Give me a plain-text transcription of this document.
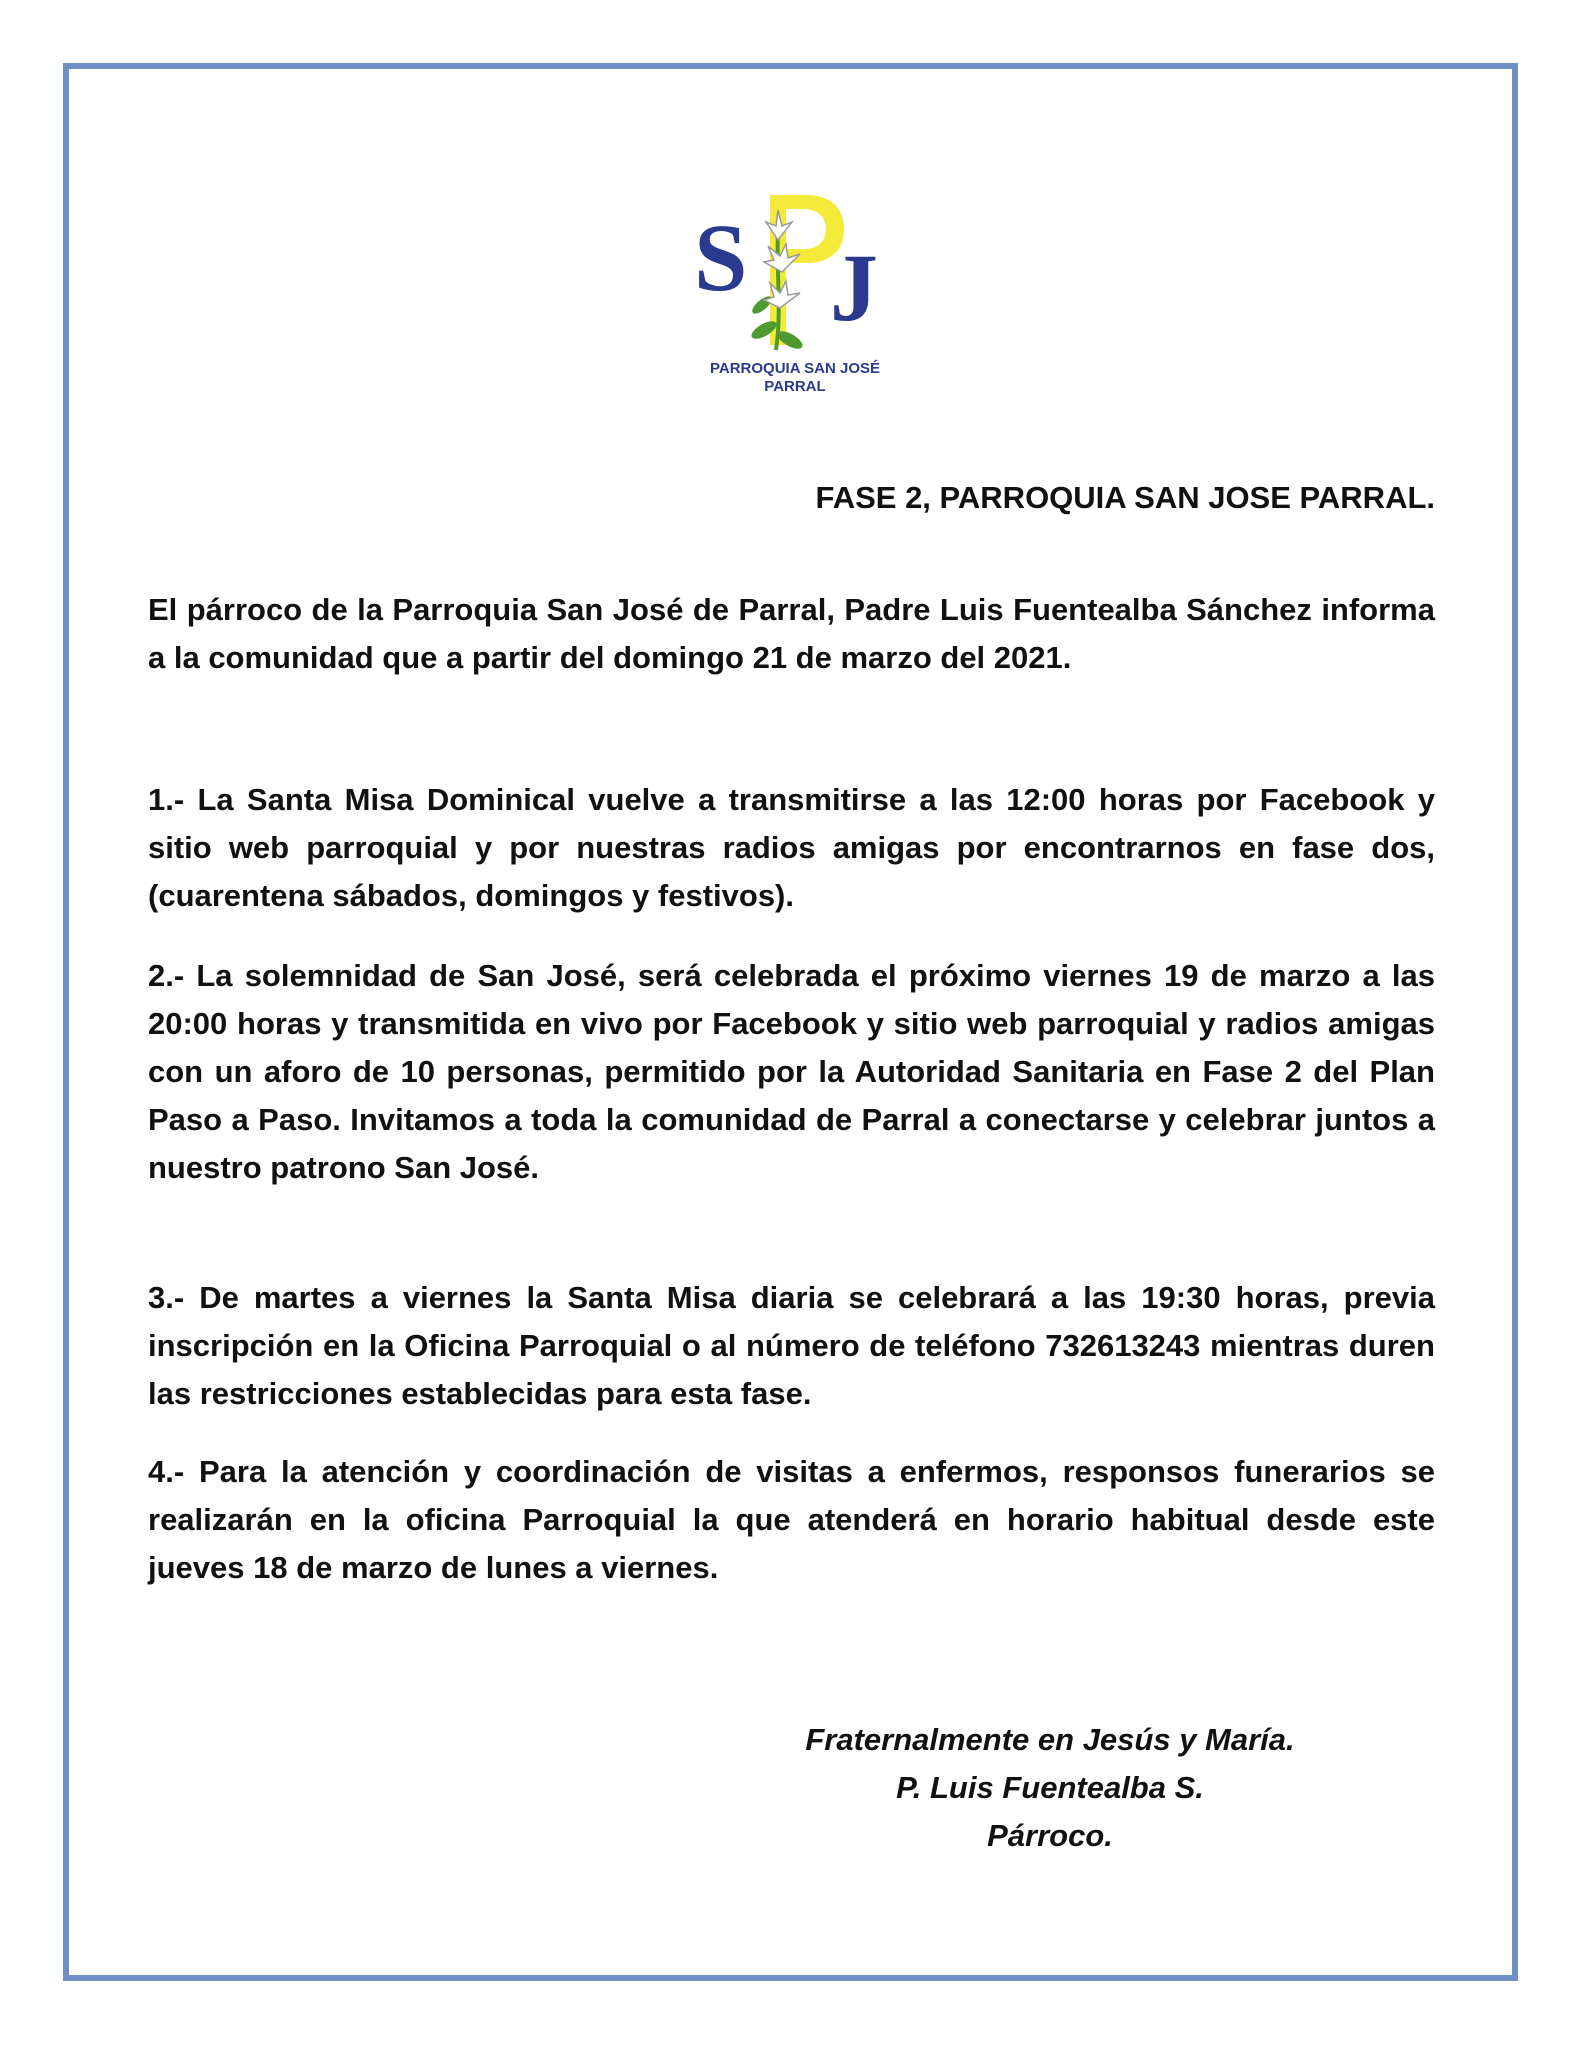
S J
PARROQUIA SAN JOSÉ
PARRAL
FASE 2, PARROQUIA SAN JOSE PARRAL.

El párroco de la Parroquia San José de Parral, Padre Luis Fuentealba Sánchez informa a la comunidad que a partir del domingo 21 de marzo del 2021.

1.- La Santa Misa Dominical vuelve a transmitirse a las 12:00 horas por Facebook y sitio web parroquial y por nuestras radios amigas por encontrarnos en fase dos, (cuarentena sábados, domingos y festivos).

2.- La solemnidad de San José, será celebrada el próximo viernes 19 de marzo a las 20:00 horas y transmitida en vivo por Facebook y sitio web parroquial y radios amigas con un aforo de 10 personas, permitido por la Autoridad Sanitaria en Fase 2 del Plan Paso a Paso. Invitamos a toda la comunidad de Parral a conectarse y celebrar juntos a nuestro patrono San José.

3.- De martes a viernes la Santa Misa diaria se celebrará a las 19:30 horas, previa inscripción en la Oficina Parroquial o al número de teléfono 732613243 mientras duren las restricciones establecidas para esta fase.

4.- Para la atención y coordinación de visitas a enfermos, responsos funerarios se realizarán en la oficina Parroquial la que atenderá en horario habitual desde este jueves 18 de marzo de lunes a viernes.

Fraternalmente en Jesús y María.
P. Luis Fuentealba S.
Párroco.
